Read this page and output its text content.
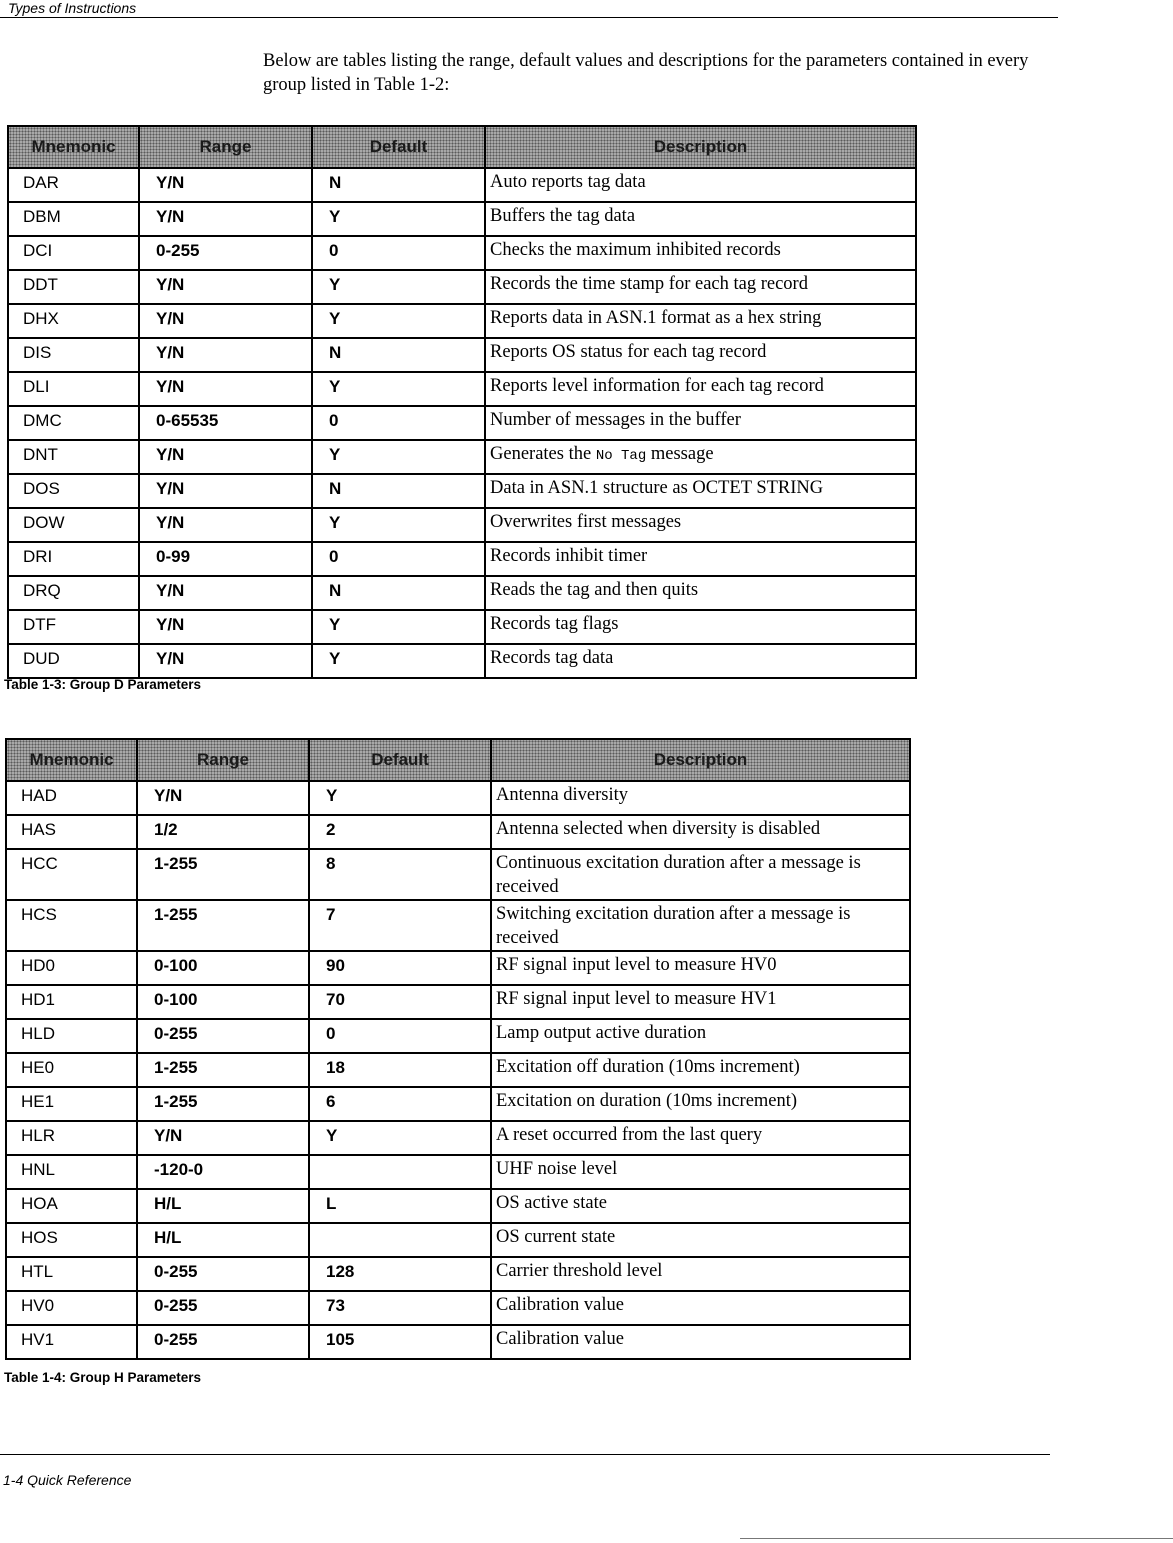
Types of Instructions
Below are tables listing the range, default values and descriptions for the parameters contained in every group listed in Table 1-2:
Mnemonic	Range	Default	Description
DAR	Y/N	N	Auto reports tag data
DBM	Y/N	Y	Buffers the tag data
DCI	0-255	0	Checks the maximum inhibited records
DDT	Y/N	Y	Records the time stamp for each tag record
DHX	Y/N	Y	Reports data in ASN.1 format as a hex string
DIS	Y/N	N	Reports OS status for each tag record
DLI	Y/N	Y	Reports level information for each tag record
DMC	0-65535	0	Number of messages in the buffer
DNT	Y/N	Y	Generates the No Tag message
DOS	Y/N	N	Data in ASN.1 structure as OCTET STRING
DOW	Y/N	Y	Overwrites first messages
DRI	0-99	0	Records inhibit timer
DRQ	Y/N	N	Reads the tag and then quits
DTF	Y/N	Y	Records tag flags
DUD	Y/N	Y	Records tag data
Table 1-3: Group D Parameters
Mnemonic	Range	Default	Description
HAD	Y/N	Y	Antenna diversity
HAS	1/2	2	Antenna selected when diversity is disabled
HCC	1-255	8	Continuous excitation duration after a message is received
HCS	1-255	7	Switching excitation duration after a message is received
HD0	0-100	90	RF signal input level to measure HV0
HD1	0-100	70	RF signal input level to measure HV1
HLD	0-255	0	Lamp output active duration
HE0	1-255	18	Excitation off duration (10ms increment)
HE1	1-255	6	Excitation on duration (10ms increment)
HLR	Y/N	Y	A reset occurred from the last query
HNL	-120-0		UHF noise level
HOA	H/L	L	OS active state
HOS	H/L		OS current state
HTL	0-255	128	Carrier threshold level
HV0	0-255	73	Calibration value
HV1	0-255	105	Calibration value
Table 1-4: Group H Parameters
1-4 Quick Reference
